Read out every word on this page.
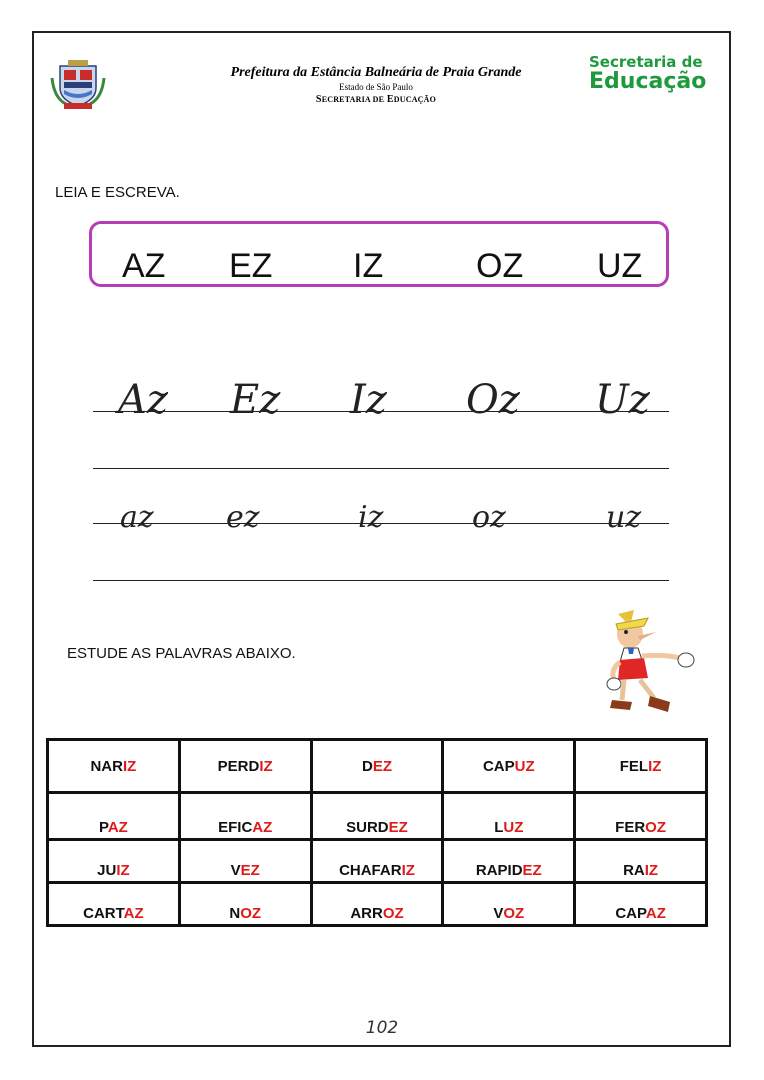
Prefeitura da Estância Balneária de Praia Grande
Estado de São Paulo
SECRETARIA DE EDUCAÇÃO
Secretaria de
Educação
LEIA E ESCREVA.
AZ EZ IZ	OZ UZ
Az Ez Iz Oz Uz
az ez	iz	oz	uz
ESTUDE AS PALAVRAS ABAIXO.
NARIZ	PERDIZ	DEZ	CAPUZ	FELIZ
PAZ	EFICAZ	SURDEZ	LUZ	FEROZ
JUIZ	VEZ	CHAFARIZ	RAPIDEZ	RAIZ
CARTAZ	NOZ	ARROZ	VOZ	CAPAZ
102
